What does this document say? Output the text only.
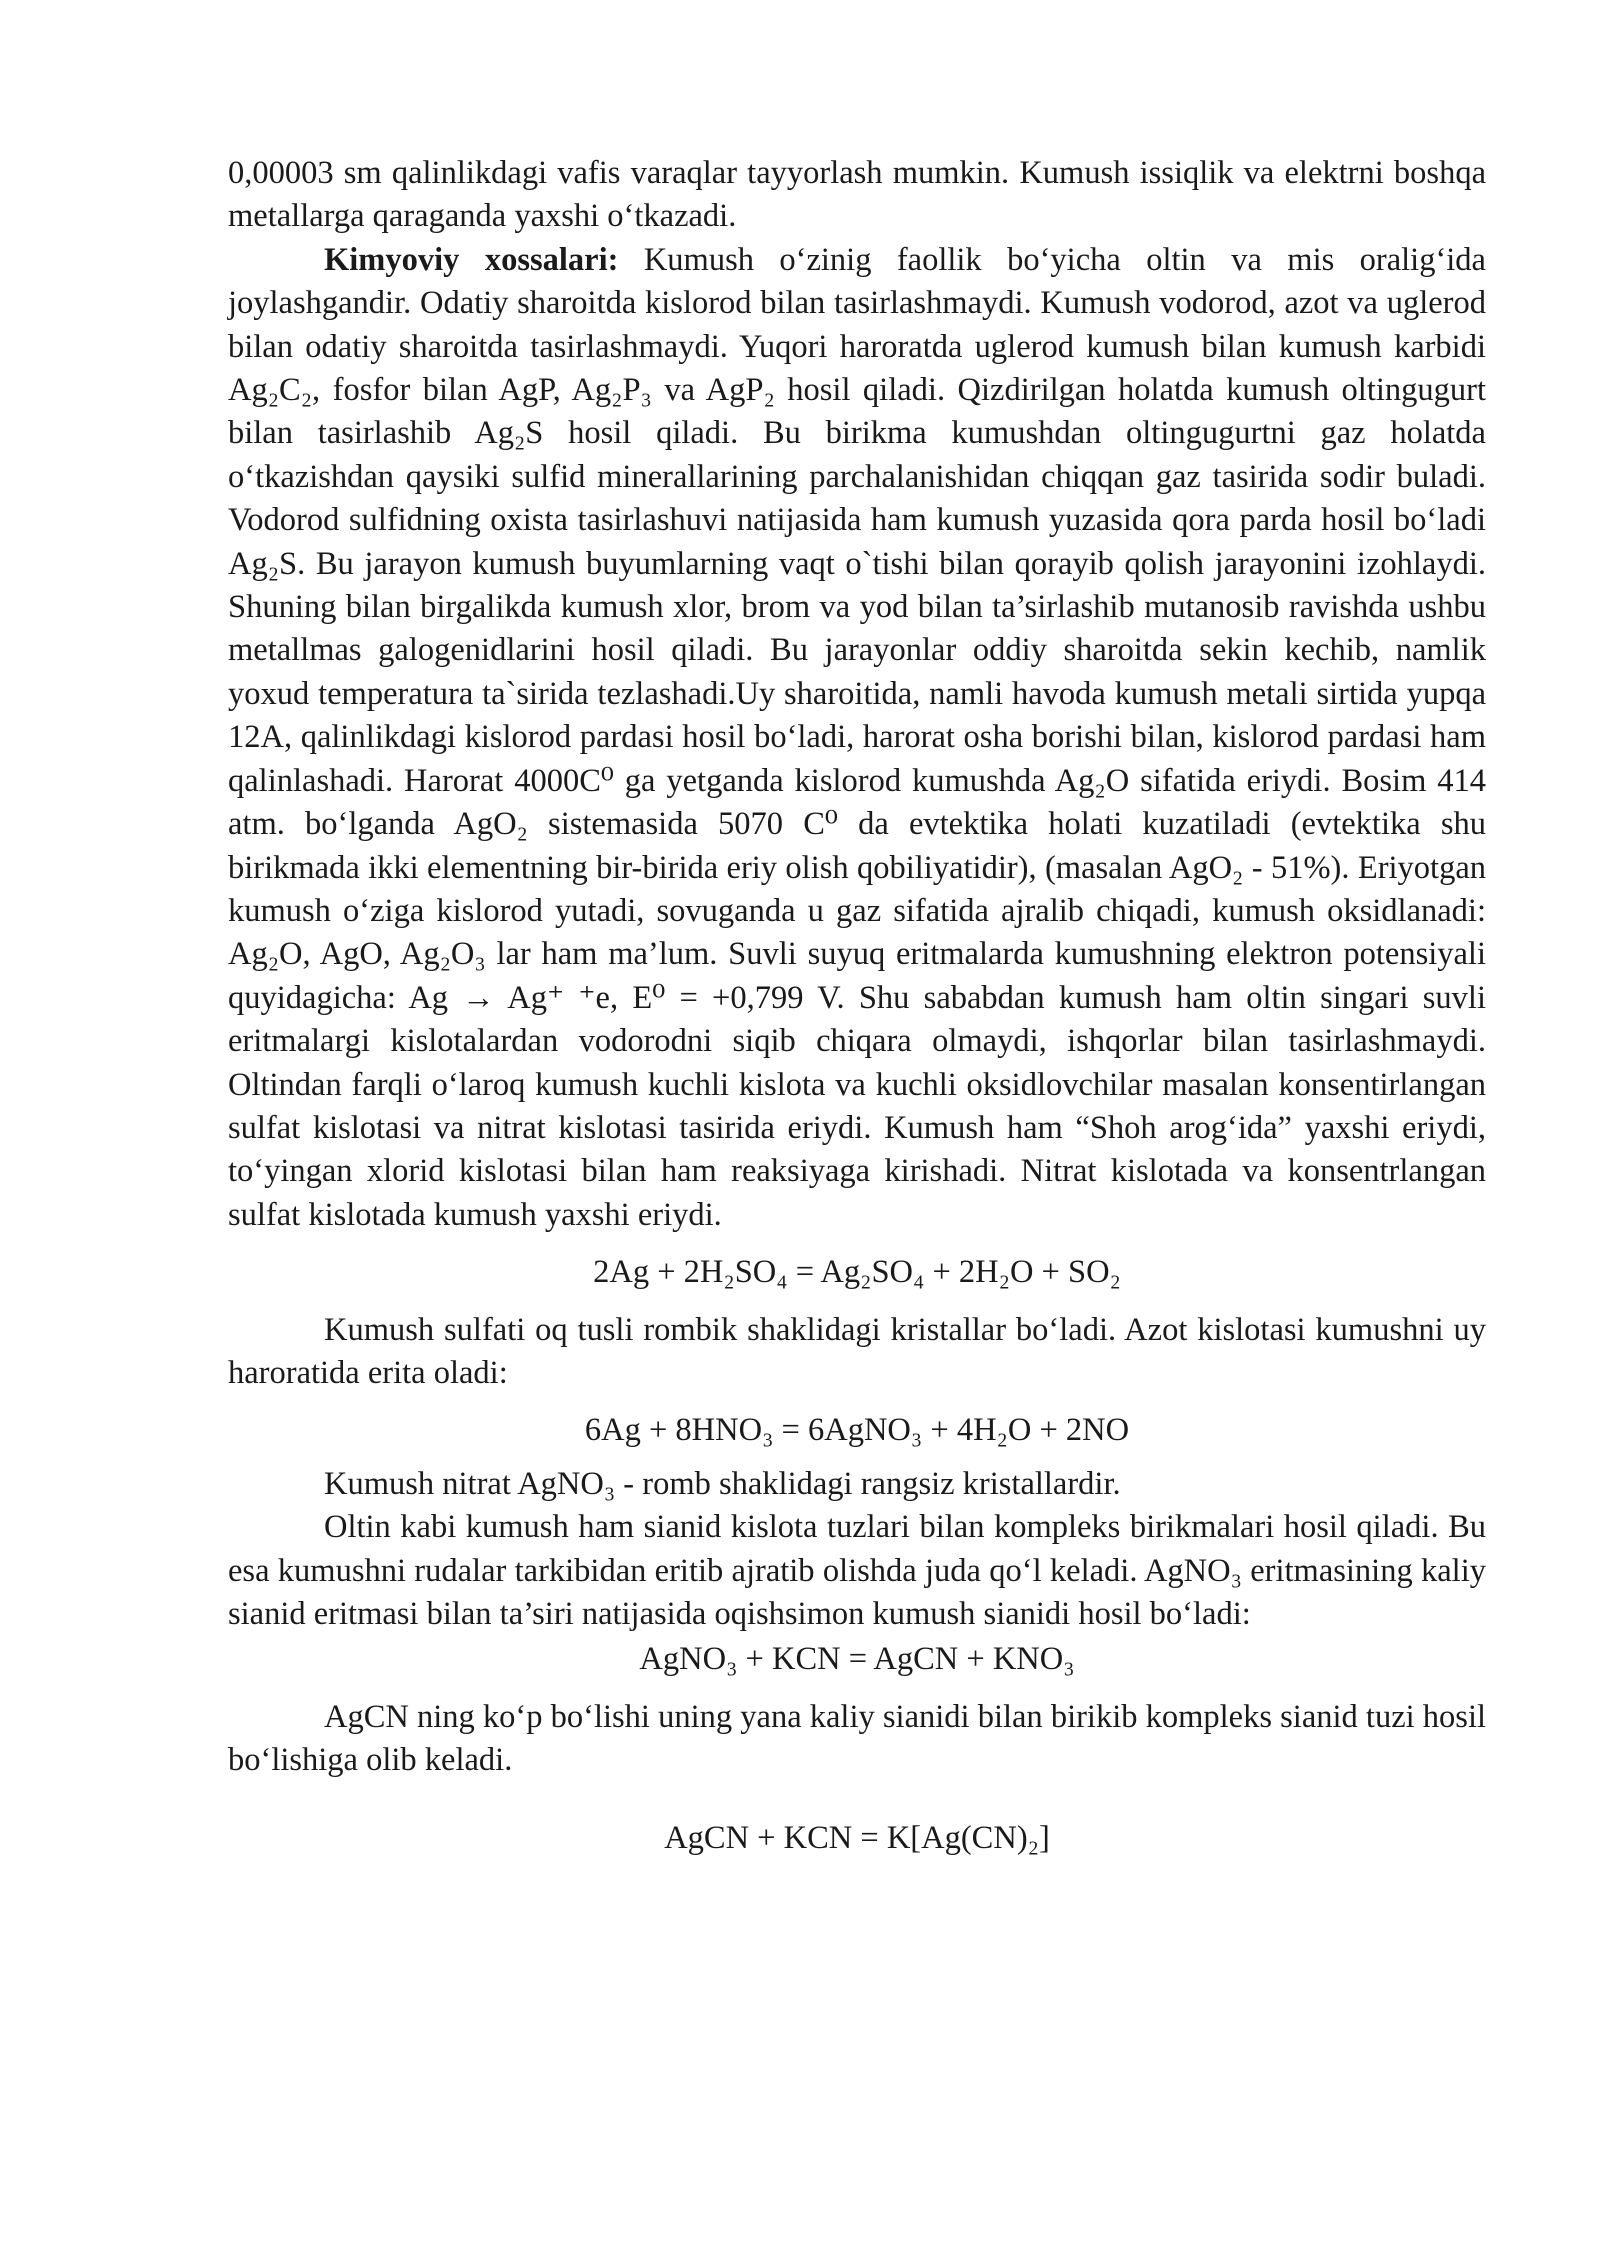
0,00003 sm qalinlikdagi vafis varaqlar tayyorlash mumkin. Kumush issiqlik va elektrni boshqa metallarga qaraganda yaxshi o‘tkazadi.

Kimyoviy xossalari: Kumush o‘zinig faollik bo‘yicha oltin va mis oralig‘ida joylashgandir. Odatiy sharoitda kislorod bilan tasirlashmaydi. Kumush vodorod, azot va uglerod bilan odatiy sharoitda tasirlashmaydi. Yuqori haroratda uglerod kumush bilan kumush karbidi Ag₂C₂, fosfor bilan AgP, Ag₂P₃ va AgP₂ hosil qiladi. Qizdirilgan holatda kumush oltingugurt bilan tasirlashib Ag₂S hosil qiladi. Bu birikma kumushdan oltingugurtni gaz holatda o‘tkazishdan qaysiki sulfid minerallarining parchalanishidan chiqqan gaz tasirida sodir buladi. Vodorod sulfidning oxista tasirlashuvi natijasida ham kumush yuzasida qora parda hosil bo‘ladi Ag₂S. Bu jarayon kumush buyumlarning vaqt o`tishi bilan qorayib qolish jarayonini izohlaydi. Shuning bilan birgalikda kumush xlor, brom va yod bilan ta’sirlashib mutanosib ravishda ushbu metallmas galogenidlarini hosil qiladi. Bu jarayonlar oddiy sharoitda sekin kechib, namlik yoxud temperatura ta`sirida tezlashadi.Uy sharoitida, namli havoda kumush metali sirtida yupqa 12A, qalinlikdagi kislorod pardasi hosil bo‘ladi, harorat osha borishi bilan, kislorod pardasi ham qalinlashadi. Harorat 4000C⁰ ga yetganda kislorod kumushda Ag₂O sifatida eriydi. Bosim 414 atm. bo‘lganda AgO₂ sistemasida 5070 C⁰ da evtektika holati kuzatiladi (evtektika shu birikmada ikki elementning bir-birida eriy olish qobiliyatidir), (masalan AgO₂ - 51%). Eriyotgan kumush o‘ziga kislorod yutadi, sovuganda u gaz sifatida ajralib chiqadi, kumush oksidlanadi: Ag₂O, AgO, Ag₂O₃ lar ham ma’lum. Suvli suyuq eritmalarda kumushning elektron potensiyali quyidagicha: Ag → Ag⁺ ⁺e, E⁰ = +0,799 V. Shu sababdan kumush ham oltin singari suvli eritmalargi kislotalardan vodorodni siqib chiqara olmaydi, ishqorlar bilan tasirlashmaydi. Oltindan farqli o‘laroq kumush kuchli kislota va kuchli oksidlovchilar masalan konsentirlangan sulfat kislotasi va nitrat kislotasi tasirida eriydi. Kumush ham “Shoh arog‘ida” yaxshi eriydi, to‘yingan xlorid kislotasi bilan ham reaksiyaga kirishadi. Nitrat kislotada va konsentrlangan sulfat kislotada kumush yaxshi eriydi.

2Ag + 2H₂SO₄ = Ag₂SO₄ + 2H₂O + SO₂

Kumush sulfati oq tusli rombik shaklidagi kristallar bo‘ladi. Azot kislotasi kumushni uy haroratida erita oladi:

6Ag + 8HNO₃ = 6AgNO₃ + 4H₂O + 2NO

Kumush nitrat AgNO₃ - romb shaklidagi rangsiz kristallardir.

Oltin kabi kumush ham sianid kislota tuzlari bilan kompleks birikmalari hosil qiladi. Bu esa kumushni rudalar tarkibidan eritib ajratib olishda juda qo‘l keladi. AgNO₃ eritmasining kaliy sianid eritmasi bilan ta’siri natijasida oqishsimon kumush sianidi hosil bo‘ladi:

AgNO₃ + KCN = AgCN + KNO₃

AgCN ning ko‘p bo‘lishi uning yana kaliy sianidi bilan birikib kompleks sianid tuzi hosil bo‘lishiga olib keladi.

AgCN + KCN = K[Ag(CN)₂]
